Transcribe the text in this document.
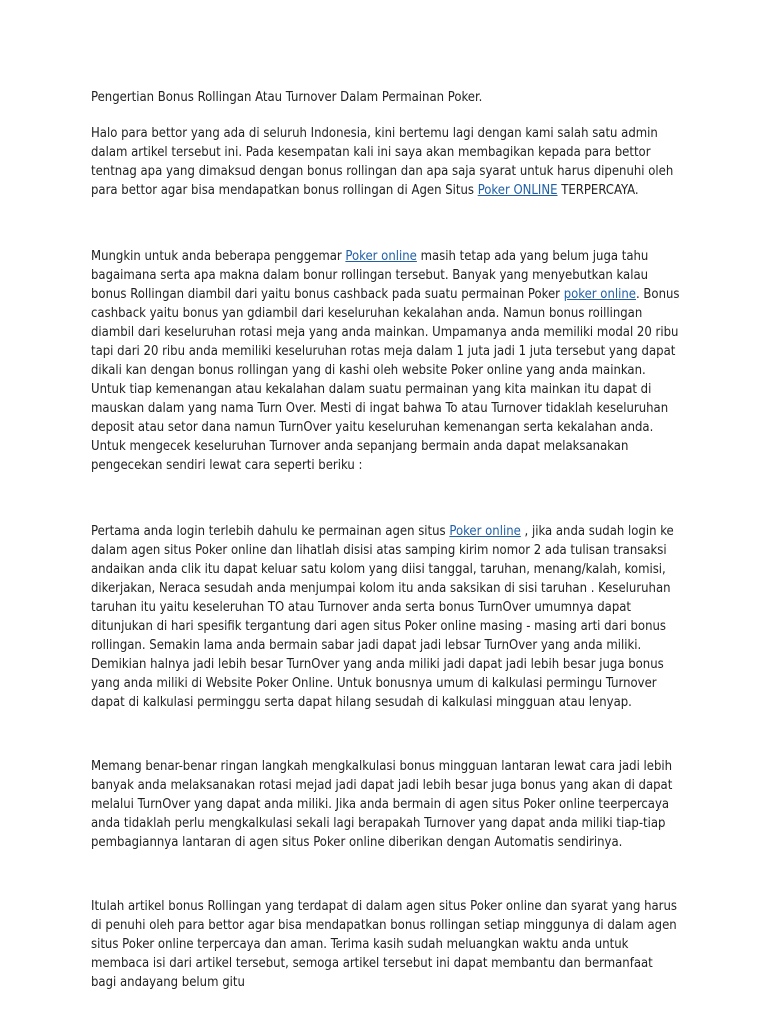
Pengertian Bonus Rollingan Atau Turnover Dalam Permainan Poker.

Halo para bettor yang ada di seluruh Indonesia, kini bertemu lagi dengan kami salah satu admin dalam artikel tersebut ini. Pada kesempatan kali ini saya akan membagikan kepada para bettor tentnag apa yang dimaksud dengan bonus rollingan dan apa saja syarat untuk harus dipenuhi oleh para bettor agar bisa mendapatkan bonus rollingan di Agen Situs Poker ONLINE TERPERCAYA.

Mungkin untuk anda beberapa penggemar Poker online masih tetap ada yang belum juga tahu bagaimana serta apa makna dalam bonur rollingan tersebut. Banyak yang menyebutkan kalau bonus Rollingan diambil dari yaitu bonus cashback pada suatu permainan Poker poker online. Bonus cashback yaitu bonus yan gdiambil dari keseluruhan kekalahan anda. Namun bonus roillingan diambil dari keseluruhan rotasi meja yang anda mainkan. Umpamanya anda memiliki modal 20 ribu tapi dari 20 ribu anda memiliki keseluruhan rotas meja dalam 1 juta jadi 1 juta tersebut yang dapat dikali kan dengan bonus rollingan yang di kashi oleh website Poker online yang anda mainkan. Untuk tiap kemenangan atau kekalahan dalam suatu permainan yang kita mainkan itu dapat di mauskan dalam yang nama Turn Over. Mesti di ingat bahwa To atau Turnover tidaklah keseluruhan deposit atau setor dana namun TurnOver yaitu keseluruhan kemenangan serta kekalahan anda. Untuk mengecek keseluruhan Turnover anda sepanjang bermain anda dapat melaksanakan pengecekan sendiri lewat cara seperti beriku :

Pertama anda login terlebih dahulu ke permainan agen situs Poker online , jika anda sudah login ke dalam agen situs Poker online dan lihatlah disisi atas samping kirim nomor 2 ada tulisan transaksi andaikan anda clik itu dapat keluar satu kolom yang diisi tanggal, taruhan, menang/kalah, komisi, dikerjakan, Neraca sesudah anda menjumpai kolom itu anda saksikan di sisi taruhan . Keseluruhan taruhan itu yaitu keseleruhan TO atau Turnover anda serta bonus TurnOver umumnya dapat ditunjukan di hari spesifik tergantung dari agen situs Poker online masing - masing arti dari bonus rollingan. Semakin lama anda bermain sabar jadi dapat jadi lebsar TurnOver yang anda miliki. Demikian halnya jadi lebih besar TurnOver yang anda miliki jadi dapat jadi lebih besar juga bonus yang anda miliki di Website Poker Online. Untuk bonusnya umum di kalkulasi permingu Turnover dapat di kalkulasi perminggu serta dapat hilang sesudah di kalkulasi mingguan atau lenyap.

Memang benar-benar ringan langkah mengkalkulasi bonus mingguan lantaran lewat cara jadi lebih banyak anda melaksanakan rotasi mejad jadi dapat jadi lebih besar juga bonus yang akan di dapat melalui TurnOver yang dapat anda miliki. Jika anda bermain di agen situs Poker online teerpercaya anda tidaklah perlu mengkalkulasi sekali lagi berapakah Turnover yang dapat anda miliki tiap-tiap pembagiannya lantaran di agen situs Poker online diberikan dengan Automatis sendirinya.

Itulah artikel bonus Rollingan yang terdapat di dalam agen situs Poker online dan syarat yang harus di penuhi oleh para bettor agar bisa mendapatkan bonus rollingan setiap minggunya di dalam agen situs Poker online terpercaya dan aman. Terima kasih sudah meluangkan waktu anda untuk membaca isi dari artikel tersebut, semoga artikel tersebut ini dapat membantu dan bermanfaat bagi andayang belum gitu
